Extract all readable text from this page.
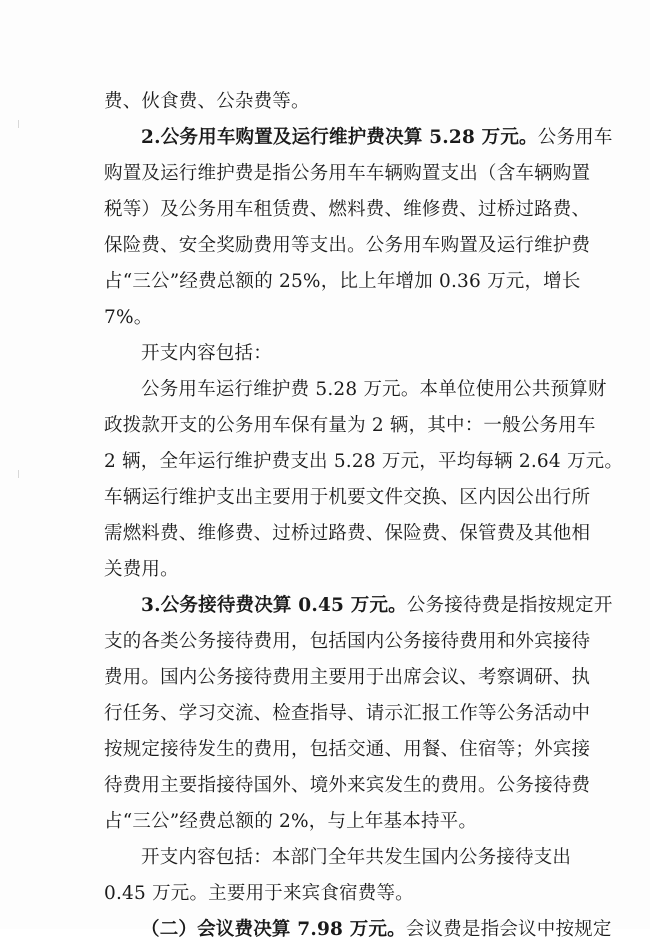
费、伙食费、公杂费等。
2.公务用车购置及运行维护费决算 5.28 万元。公务用车
购置及运行维护费是指公务用车车辆购置支出（含车辆购置
税等）及公务用车租赁费、燃料费、维修费、过桥过路费、
保险费、安全奖励费用等支出。公务用车购置及运行维护费
占“三公”经费总额的 25%，比上年增加 0.36 万元，增长
7%。
开支内容包括：
公务用车运行维护费 5.28 万元。本单位使用公共预算财
政拨款开支的公务用车保有量为 2 辆，其中：一般公务用车
2 辆，全年运行维护费支出 5.28 万元，平均每辆 2.64 万元。
车辆运行维护支出主要用于机要文件交换、区内因公出行所
需燃料费、维修费、过桥过路费、保险费、保管费及其他相
关费用。
3.公务接待费决算 0.45 万元。公务接待费是指按规定开
支的各类公务接待费用，包括国内公务接待费用和外宾接待
费用。国内公务接待费用主要用于出席会议、考察调研、执
行任务、学习交流、检查指导、请示汇报工作等公务活动中
按规定接待发生的费用，包括交通、用餐、住宿等；外宾接
待费用主要指接待国外、境外来宾发生的费用。公务接待费
占“三公”经费总额的 2%，与上年基本持平。
开支内容包括：本部门全年共发生国内公务接待支出
0.45 万元。主要用于来宾食宿费等。
（二）会议费决算 7.98 万元。会议费是指会议中按规定
